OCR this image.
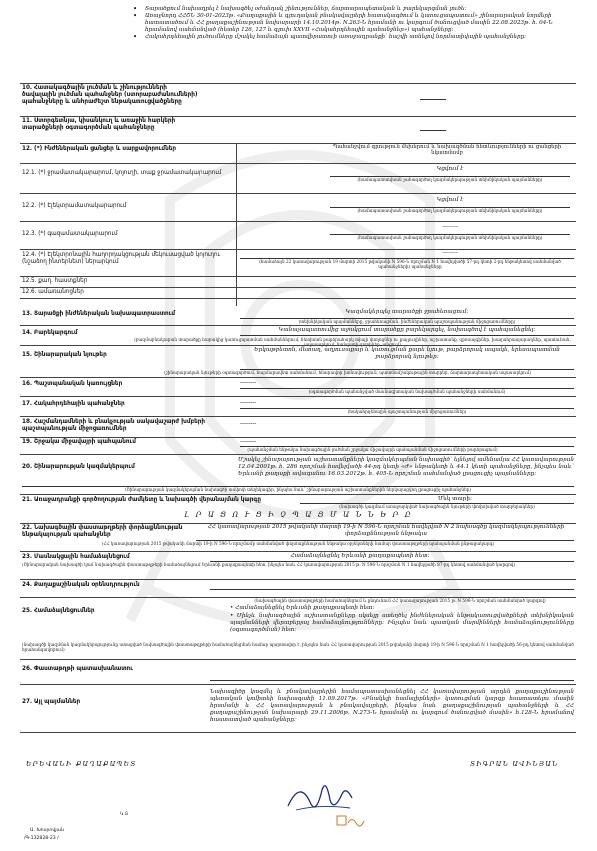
• Տարածքում նախադրել է նախագծել օժանդակ շինություններ, ճարտարապետական և բարեկարգման լուծե։

• Առաջնորդ ՀՀՇՆ 30-01-2023թ. «Քաղաքային և գյուղական բնակավայրերի հատակագծում և կառուցապատում» շինարարական նորմերի հատատածում և ՀՀ քաղաքաշինության նախարարի 14.10.2014թ. N.263-Ն հրամանի ու կարգում ծանուցված մասին 22.08.2023թ. հ. 04-Ն հրամանով սահմանված (հետեր 126, 127 և գլուխ XXVII «Հակահրդեհային պահանջներ») պահանջները։

• Հակահրդեհային լուծումները մշակել համաձայն պատվիրատուի առաջադրանքի՝ հաշվի առնելով նորմատիվային պահանջները։

10. Հատակագծային լուծման և շինությունների ծավալային լուծման պահանջներ (ստորաբաժանումների) պահանջները և անհրաժեշտ ենթակառուցվածքները
11. Ստորգետնյա, կիսանկուղ և առաջին հարկերի տարածքների օգտագործման պահանջները
12. (*) Ինժեներական ցանցեր և սարքավորումներ	Պահանջվում գրություն մեխերում և նախագծման հետևությունների ու ցանցերի նկատմամբ
12.1. (*) ջրամատակարարում, կոյուղի, տաք ջրամատակարարում
Կցվում է
(համապատասխան շահագործող կազմակերպության տեխնիկական պայմանները)
12.2. (*) Էլեկտրամատակարարում
Կցվում է
(համապատասխան շահագործող կազմակերպության տեխնիկական պայմանները)
12.3. (*) գազամատակարարում
--------
(համապատասխան շահագործող կազմակերպության տեխնիկական պայմանները)
12.4. (*) Էլեկտրոնային հաղորդակցության մեկուսացված կոյուղու (նշաձող ինտերնետ) ներարկում
--------
(համաձայն 22 կառավարության 19 մարտի 2015 թվականի N 596-Ն որոշման N 1 հավելվածի 57-րդ կետի 2-րդ ենթակետով սահմանված պահանջների) պահանջները
12.5. քաղ. հաստքներ
12.6. ամառանոցներ
13. Տարածքի ինժեներական նախապատրաստում	Կազմակերպել տարածքի ջրահեռացում։
(տեխնիկական պայմանները, ջրահեռացման, ինժեներական պաշտպանության միջոցառումները)
14. Բարեկարգում	Կանաչապատումից աջակցում տարածքը բարեկարգել, նախագծով է պահպանեցնել։
(բազմաբնակարան տարածքը հարակից կառուցպատման սահմաններում, հետիոտն բարձրահարկ տիպի փողոցներ ու քայլուղիներ, աշխատանք, զբոսայգիներ, խաղահրապարակներ, պատուհան, սպասարկում, հանգստի գոտիներ, անցում)
15. Շինարարական նյութեր
Երկաթբետոն, մետաղ, աղյուսաքար և կառուցման քարե նյութ, բարձրորակ ապակե, երեսապատման բարձրորակ նյութեր։
(շինարարական նյութերի օգտագործում, հարմարավետ սահմանում, հնարավոր խոնավություն, պատմամշակութային տարրեր, ճարտարապետական սպասարկում)
16. Պաշտպանական կառույցներ	--------
(օգտագործման պահանջված մասնագիտական նախագծման պահանջների սահմանում)
17. Հակահրդեհային պահանջներ	--------
(հակահրդեհային պաշտպանության միջոցառումներ)
18. Հաշմանդամների և բնակչության սակավաշարժ խմբերի պաշտպանության միջոցառումներ
--------
19. Շրջակա միջավայրի պահպանում	--------
(պահանջման ենթակա նախագծային լուծման շրջակա միջավայրի պահպանման միջոցառումների բարձրացում)
20. Շինարարության կազմակերպում
Մշակել շինարարության աշխատանքների կազմակերպման նախագիծ՝ ելնելով ամենամյա ՀՀ կառավարության 12.04.2001թ. հ. 286 որոշման հավելվածի 44-րդ կետի «Ժ» ենթակետի և 44.1 կետի պահանջները, ինչպես նաև՝ Երևանի քաղաքի ավագանու 16.03.2012թ. հ. 405-Ն որոշման սահմանված լրացուցիչ պայմանները։
(Շինարարության կազմակերպման նախագծի ամփոփ տեղեկագիր, ինչպես նաև՝ շինարարության աշխատանքներին ներկայացվող լրացուցիչ պահանջներ)
21. Առաջադրանքի գործողության ժամկետը և նախագծի վերանայման կարգը	Մեկ տարի։
(նախագծի կազմում առաջարկված նախագծային նյութերի փոփոխված տարբերակներ)
Լ Ր Ա Ց Ո Ւ Ց Ի Չ Պ Ա Յ Մ Ա Ն Ն Ե Ր Ը
22. Նախագծային փաստաթղթերի փորձաքննության ենթակայության պահանջներ
ՀՀ կառավարության 2015 թվականի մարտի 19-ի N 596-Ն որոշման հավելված N 2 նախագծը կազմակերպությունների փորձաքննության ենթակա
(ՀՀ կառավարության 2015 թվականի մարտի 19-ի N 596-Ն որոշմամբ սահմանված փորձաքննության ենթակա օբյեկտների համար փաստաթղթերի պահպանման ընթացակարգ)
23. Մասնակցային համաձայնեցում	Համաձայնեցնել Երևանի քաղաքապետի հետ։
(Շինարարական նախագծի կամ նախագծային փաստաթղթերի համաձայնեցում Երևանի քաղաքապետի հետ, ինչպես նաև ՀՀ կառավարության 2015 թ. N 596-Ն որոշման N 1 հավելվածի 87-րդ կետով սահմանված կարգով)
24. Քաղաքաշինական օրենսդրություն
(նախագծային փաստաթղթերի համաձայնեցում և ընդունում ՀՀ կառավարության 2015 թ. N 596-Ն որոշման սահմանված կարգով)
25. Համաձայնեցումներ	• Համաձայնեցնել Երևանի քաղաքապետի հետ։
• Մինչև նախագծային աշխատանքները սկսելը ստեղծել ինժեներական ենթակառուցվածքների տեխնիկական պայմանների վերաբերյալ համաձայնությունները։ Ինչպես նաև պատկան մարմինների համաձայնությունները (օգտագործման) հետ։
(նախագծի կազմման կազմակերպությունը ստացված նախագծային փաստաթղթերի համաձայնեցման համար պարտավոր է, ինչպես նաև ՀՀ կառավարության 2015 թվականի մարտի 19-ի N 596-Ն որոշման N 1 հավելվածի 56-րդ կետով սահմանված հրահանգավորում)
26. Փաստաթղթի պատասխանատու
27. Այլ պայմաններ
Նախագիծը կազմել և բնակավայրերին համապատասխանեցնել ՀՀ կառավարության արդեն քաղաքաշինության պետական կոմիտեի նախագահի 11.09.2017թ. «Բնակելի համալիրների» կառուցման կարգը հաստատելու մասին հրամանի և ՀՀ կառավարության և բնակավայրերի, ինչպես նաև քաղաքաշինության պահանջների և ՀՀ քաղաքաշինության նախարարի 29.11.2006թ. N.273-Ն հրամանի ու կարգում ծանուցված մասին» հ.128-Ն հրամանով հաստատված պահանջները։
ԵՐԵՎԱՆԻ ՔԱՂԱՔԱՊԵՏ	ՏԻԳՐԱՆ ԱՎԻՆՅԱՆ
Կ.Տ
Ա. Խոսրովյան
/Գ-132828-23 /
